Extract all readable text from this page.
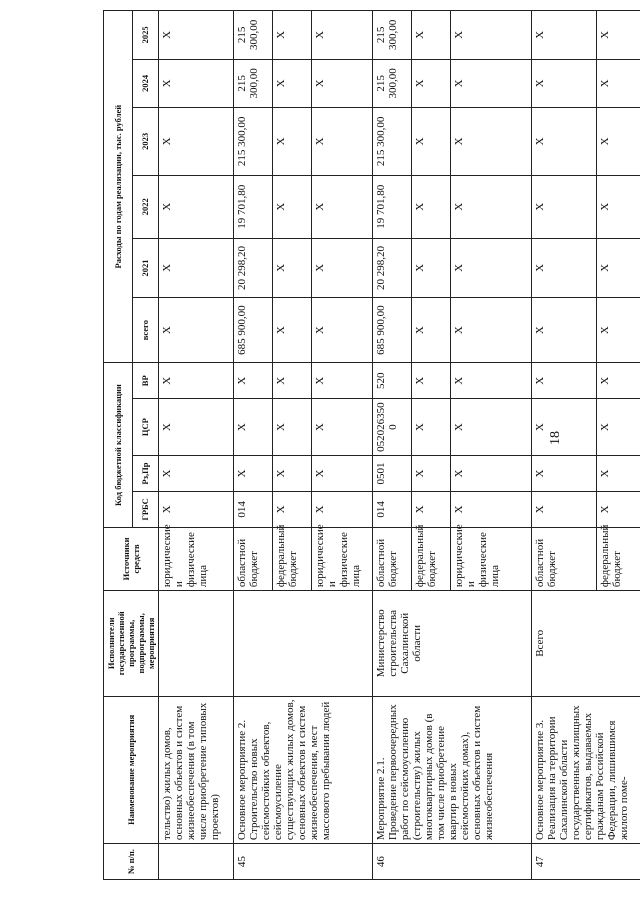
18
№ п/п.	Наименование мероприятия	Исполнители государственной программы, подпрограммы, мероприятия	Источники средств	Код бюджетной классификации				Расходы по годам реализации, тыс. рублей					
				ГРБС	Рз,Пр	ЦСР	ВР	всего	2021	2022	2023	2024	2025
	тельство) жилых домов, основных объектов и систем жизнеобеспечения (в том числе приобретение типовых проектов)		юридические и физические лица	X	X	X	X	X	X	X	X	X	X
45	Основное мероприятие 2. Строительство новых сейсмостойких объектов, сейсмоусиление существующих жилых домов, основных объектов и систем жизнеобеспечения, мест массового пребывания людей		областной бюджет	014	X	X	X	685 900,00	20 298,20	19 701,80	215 300,00	215 300,00	215 300,00
			федеральный бюджет	X	X	X	X	X	X	X	X	X	X
			юридические и физические лица	X	X	X	X	X	X	X	X	X	X
46	Мероприятие 2.1. Проведение первоочередных работ по сейсмоусилению (строительству) жилых многоквартирных домов (в том числе приобретение квартир в новых сейсмостойких домах), основных объектов и систем жизнеобеспечения	Министерство строительства Сахалинской области	областной бюджет	014	0501	0520263500	520	685 900,00	20 298,20	19 701,80	215 300,00	215 300,00	215 300,00
			федеральный бюджет	X	X	X	X	X	X	X	X	X	X
			юридические и физические лица	X	X	X	X	X	X	X	X	X	X
47	Основное мероприятие 3. Реализация на территории Сахалинской области государственных жилищных сертификатов, выдаваемых гражданам Российской Федерации, лишившимся жилого поме-	Всего	областной бюджет	X	X	X	X	X	X	X	X	X	X
			федеральный бюджет	X	X	X	X	X	X	X	X	X	X
